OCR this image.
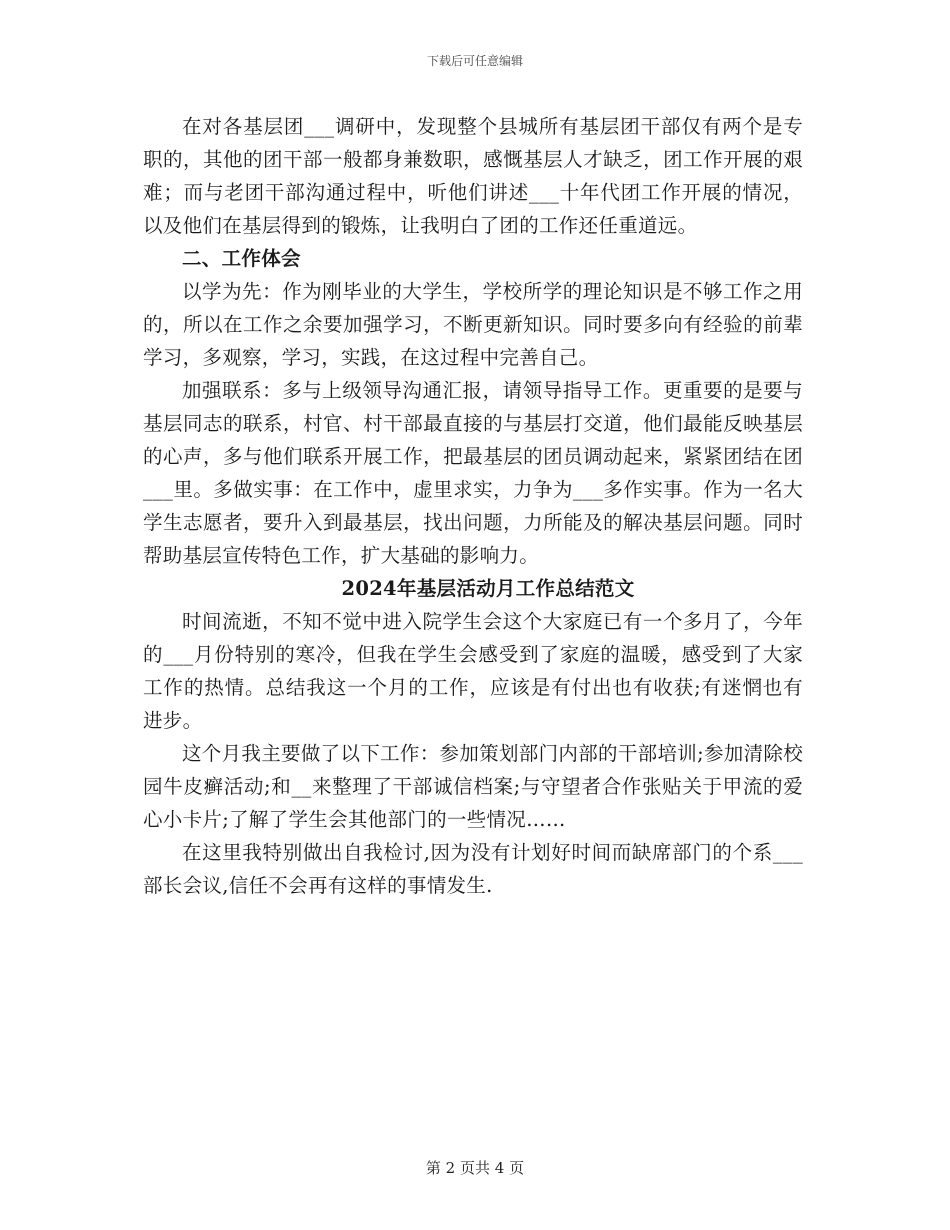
下载后可任意编辑

在对各基层团___调研中，发现整个县城所有基层团干部仅有两个是专职的，其他的团干部一般都身兼数职，感慨基层人才缺乏，团工作开展的艰难；而与老团干部沟通过程中，听他们讲述___十年代团工作开展的情况，以及他们在基层得到的锻炼，让我明白了团的工作还任重道远。

二、工作体会

以学为先：作为刚毕业的大学生，学校所学的理论知识是不够工作之用的，所以在工作之余要加强学习，不断更新知识。同时要多向有经验的前辈学习，多观察，学习，实践，在这过程中完善自己。

加强联系：多与上级领导沟通汇报，请领导指导工作。更重要的是要与基层同志的联系，村官、村干部最直接的与基层打交道，他们最能反映基层的心声，多与他们联系开展工作，把最基层的团员调动起来，紧紧团结在团___里。多做实事：在工作中，虚里求实，力争为___多作实事。作为一名大学生志愿者，要升入到最基层，找出问题，力所能及的解决基层问题。同时帮助基层宣传特色工作，扩大基础的影响力。

2024年基层活动月工作总结范文

时间流逝，不知不觉中进入院学生会这个大家庭已有一个多月了，今年的___月份特别的寒冷，但我在学生会感受到了家庭的温暖，感受到了大家工作的热情。总结我这一个月的工作，应该是有付出也有收获;有迷惘也有进步。

这个月我主要做了以下工作：参加策划部门内部的干部培训;参加清除校园牛皮癣活动;和__来整理了干部诚信档案;与守望者合作张贴关于甲流的爱心小卡片;了解了学生会其他部门的一些情况……

在这里我特别做出自我检讨,因为没有计划好时间而缺席部门的个系___部长会议,信任不会再有这样的事情发生.

第 2 页共 4 页
